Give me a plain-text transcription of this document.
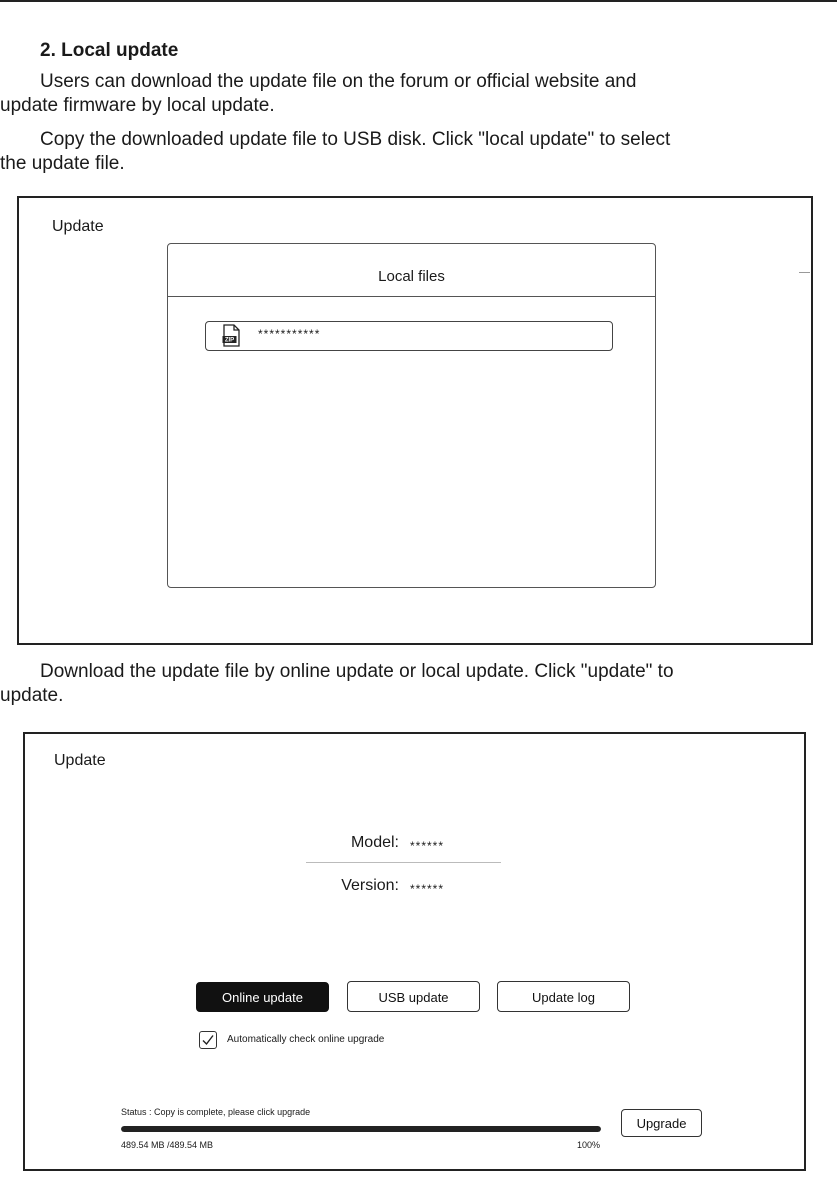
2. Local update
Users can download the update file on the forum or official website and
update firmware by local update.
Copy the downloaded update file to USB disk. Click "local update" to select
the update file.
Update
Local files
ZIP ***********
Download the update file by online update or local update. Click "update" to
update.
Update
Model: ******
Version: ******
Online update	USB update	Update log
Automatically check online upgrade
Status : Copy is complete, please click upgrade
489.54 MB /489.54 MB	100%
Upgrade
